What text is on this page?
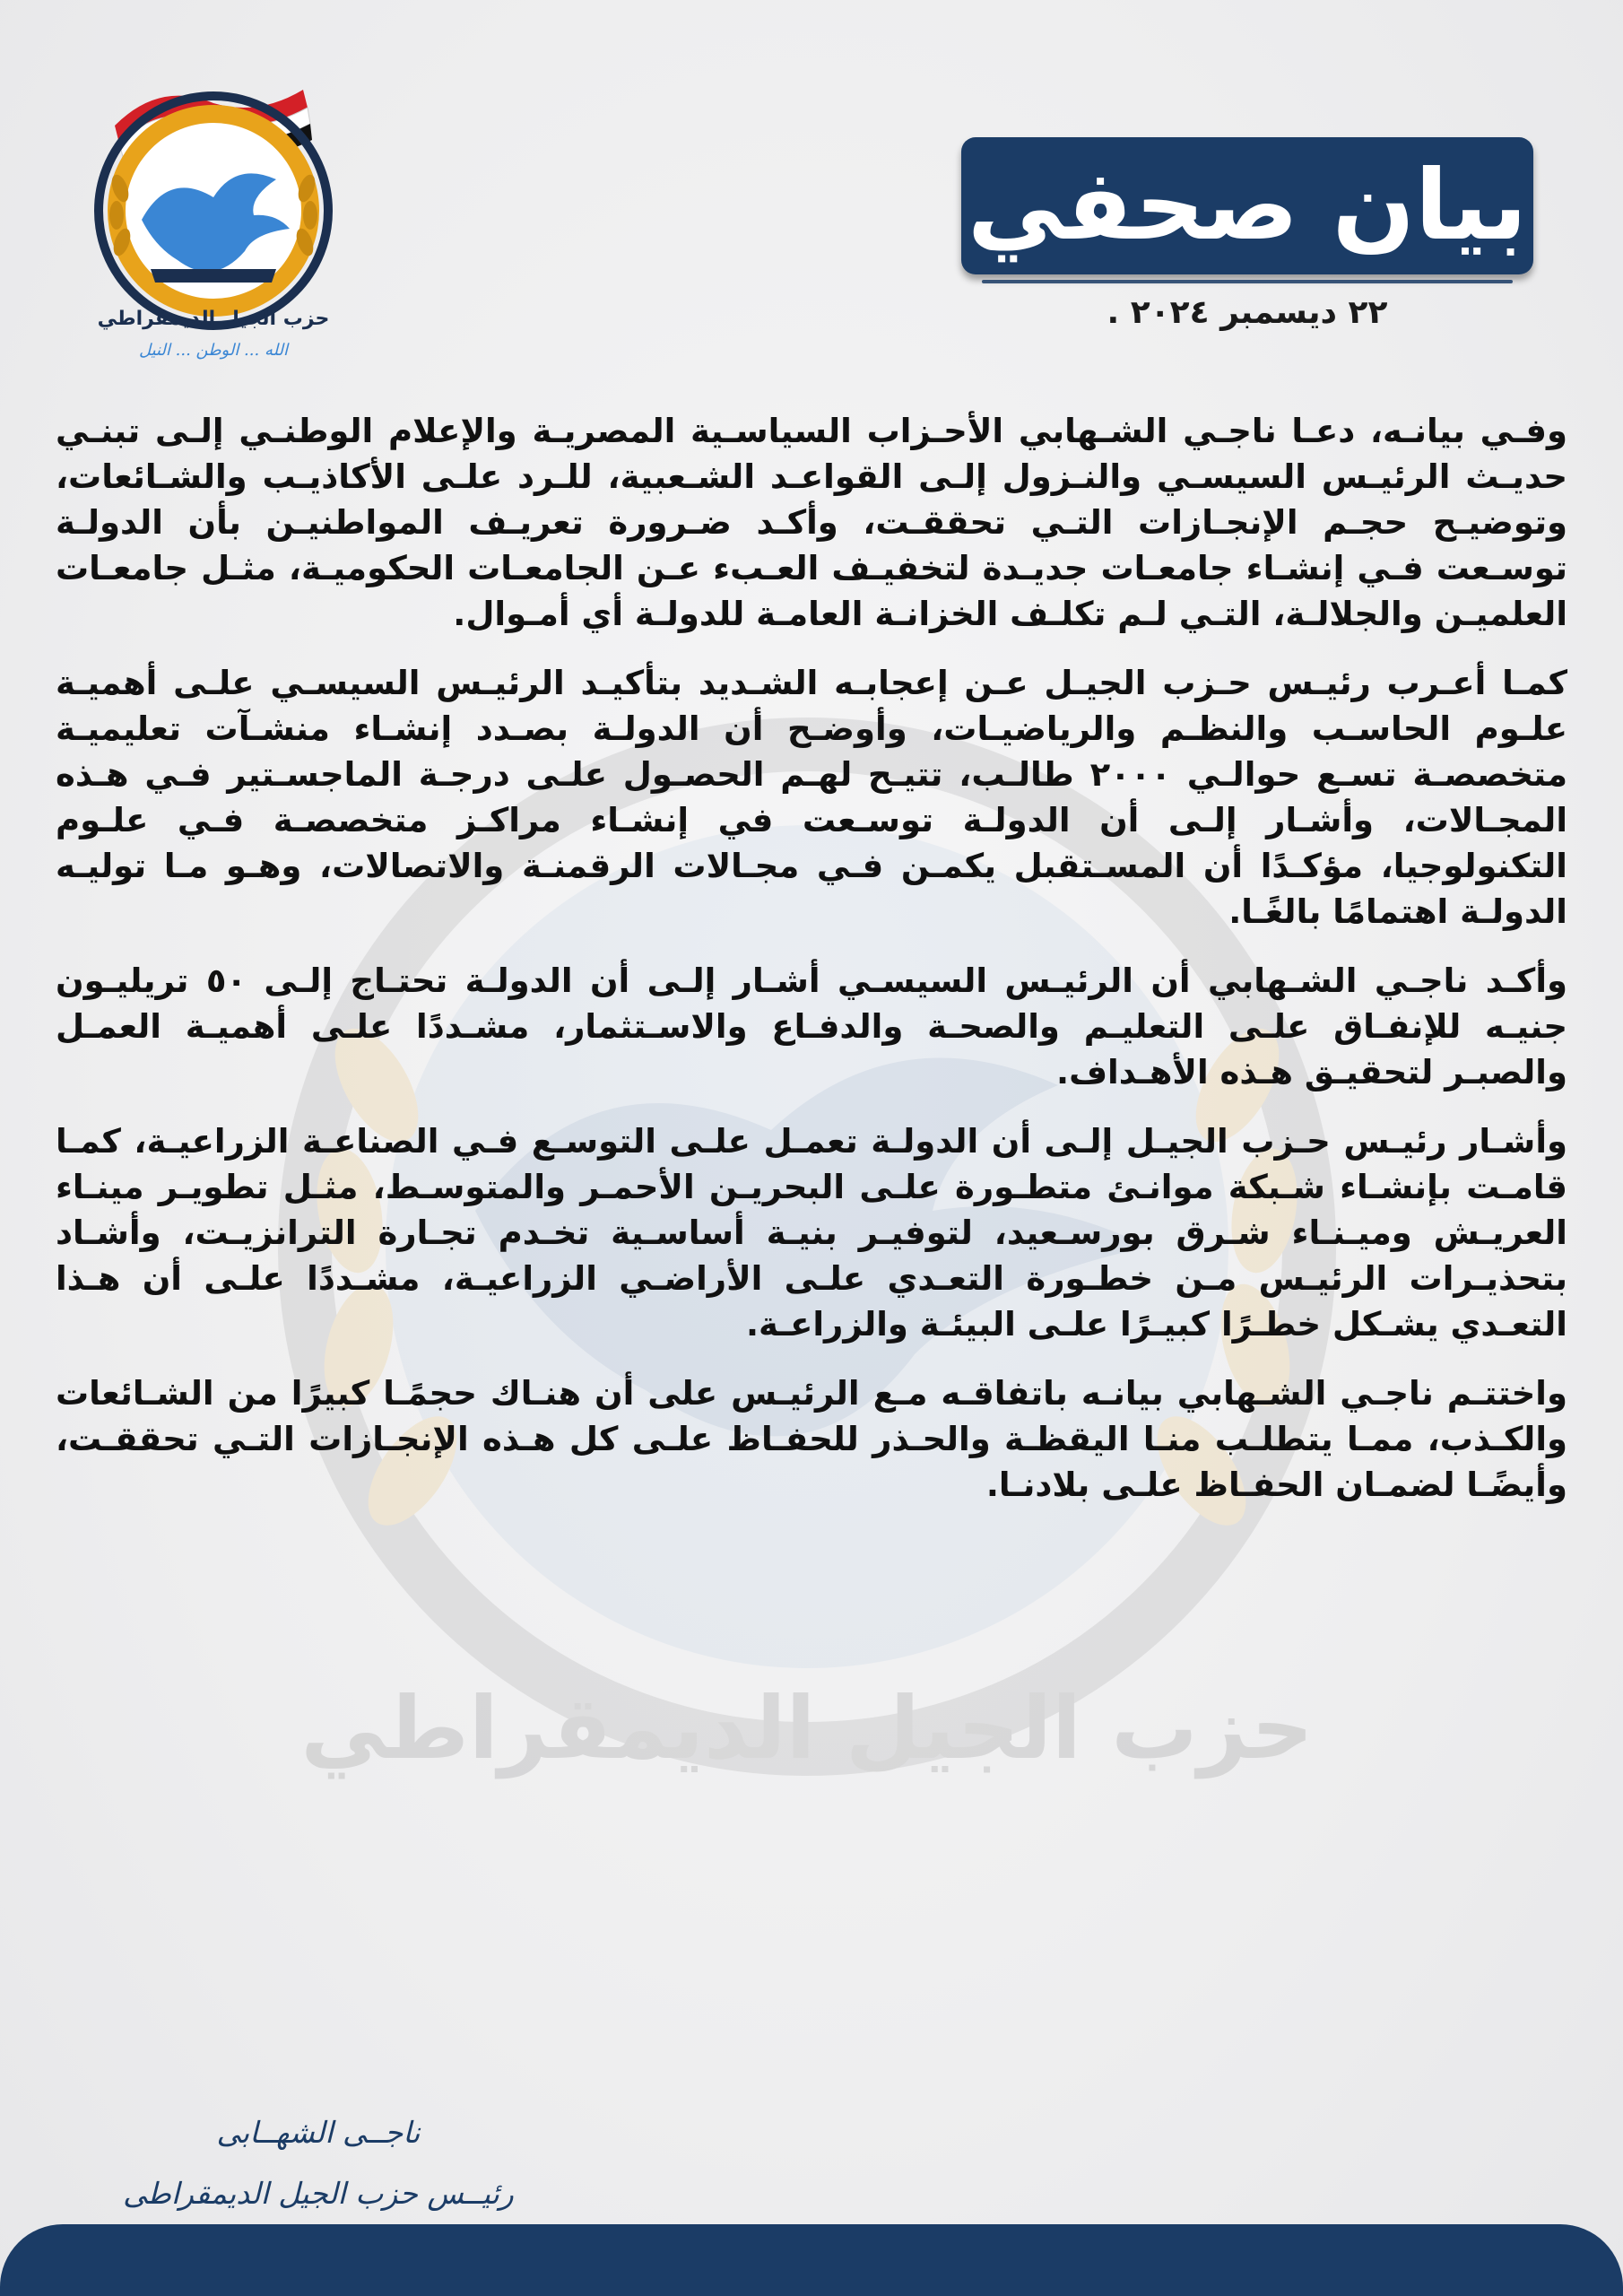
حزب الجيل الديمقراطي
حزب الجيل الديمقراطي
الله ... الوطن ... النيل
بيان صحفي
٢٢ ديسمبر ٢٠٢٤ .

وفـي بيانـه، دعـا ناجـي الشـهابي الأحـزاب السياسـية المصريـة والإعلام الوطنـي إلـى تبنـي حديـث الرئيـس السيسـي والنـزول إلـى القواعـد الشـعبية، للـرد علـى الأكاذيـب والشـائعات، وتوضيـح حجـم الإنجـازات التـي تحققـت، وأكـد ضـرورة تعريـف المواطنيـن بأن الدولـة توسـعت فـي إنشـاء جامعـات جديـدة لتخفيـف العـبء عـن الجامعـات الحكوميـة، مثـل جامعـات العلميـن والجلالـة، التـي لـم تكلـف الخزانـة العامـة للدولـة أي أمـوال.

كمـا أعـرب رئيـس حـزب الجيـل عـن إعجابـه الشـديد بتأكيـد الرئيـس السيسـي علـى أهميـة علـوم الحاسـب والنظـم والرياضيـات، وأوضـح أن الدولـة بصـدد إنشـاء منشـآت تعليميـة متخصصـة تسـع حوالـي ٢٠٠٠ طالـب، تتيـح لهـم الحصـول علـى درجـة الماجسـتير فـي هـذه المجـالات، وأشـار إلـى أن الدولـة توسـعت في إنشـاء مراكـز متخصصـة فـي علـوم التكنولوجيا، مؤكـدًا أن المسـتقبل يكمـن فـي مجـالات الرقمنـة والاتصالات، وهـو مـا توليـه الدولـة اهتمامًا بالغًـا.

وأكـد ناجـي الشـهابي أن الرئيـس السيسـي أشـار إلـى أن الدولـة تحتـاج إلـى ٥٠ تريليـون جنيـه للإنفـاق علـى التعليـم والصحـة والدفـاع والاسـتثمار، مشـددًا علـى أهميـة العمـل والصبـر لتحقيـق هـذه الأهـداف.

وأشـار رئيـس حـزب الجيـل إلـى أن الدولـة تعمـل علـى التوسـع فـي الصناعـة الزراعيـة، كمـا قامـت بإنشـاء شـبكة موانـئ متطـورة علـى البحريـن الأحمـر والمتوسـط، مثـل تطويـر مينـاء العريـش وميـنـاء شـرق بورسـعيد، لتوفيـر بنيـة أساسـية تخـدم تجـارة الترانزيـت، وأشـاد بتحذيـرات الرئيـس مـن خطـورة التعـدي علـى الأراضـي الزراعيـة، مشـددًا علـى أن هـذا التعـدي يشـكل خطـرًا كبيـرًا علـى البيئـة والزراعـة.

واختتـم ناجـي الشـهابي بيانـه باتفاقـه مـع الرئيـس على أن هنـاك حجمًـا كبيرًا من الشـائعات والكـذب، ممـا يتطلـب منـا اليقظـة والحـذر للحفـاظ علـى كل هـذه الإنجـازات التـي تحققـت، وأيضًـا لضمـان الحفـاظ علـى بلادنـا.

ناجــى الشهــابى
رئيــس حزب الجيل الديمقراطى
